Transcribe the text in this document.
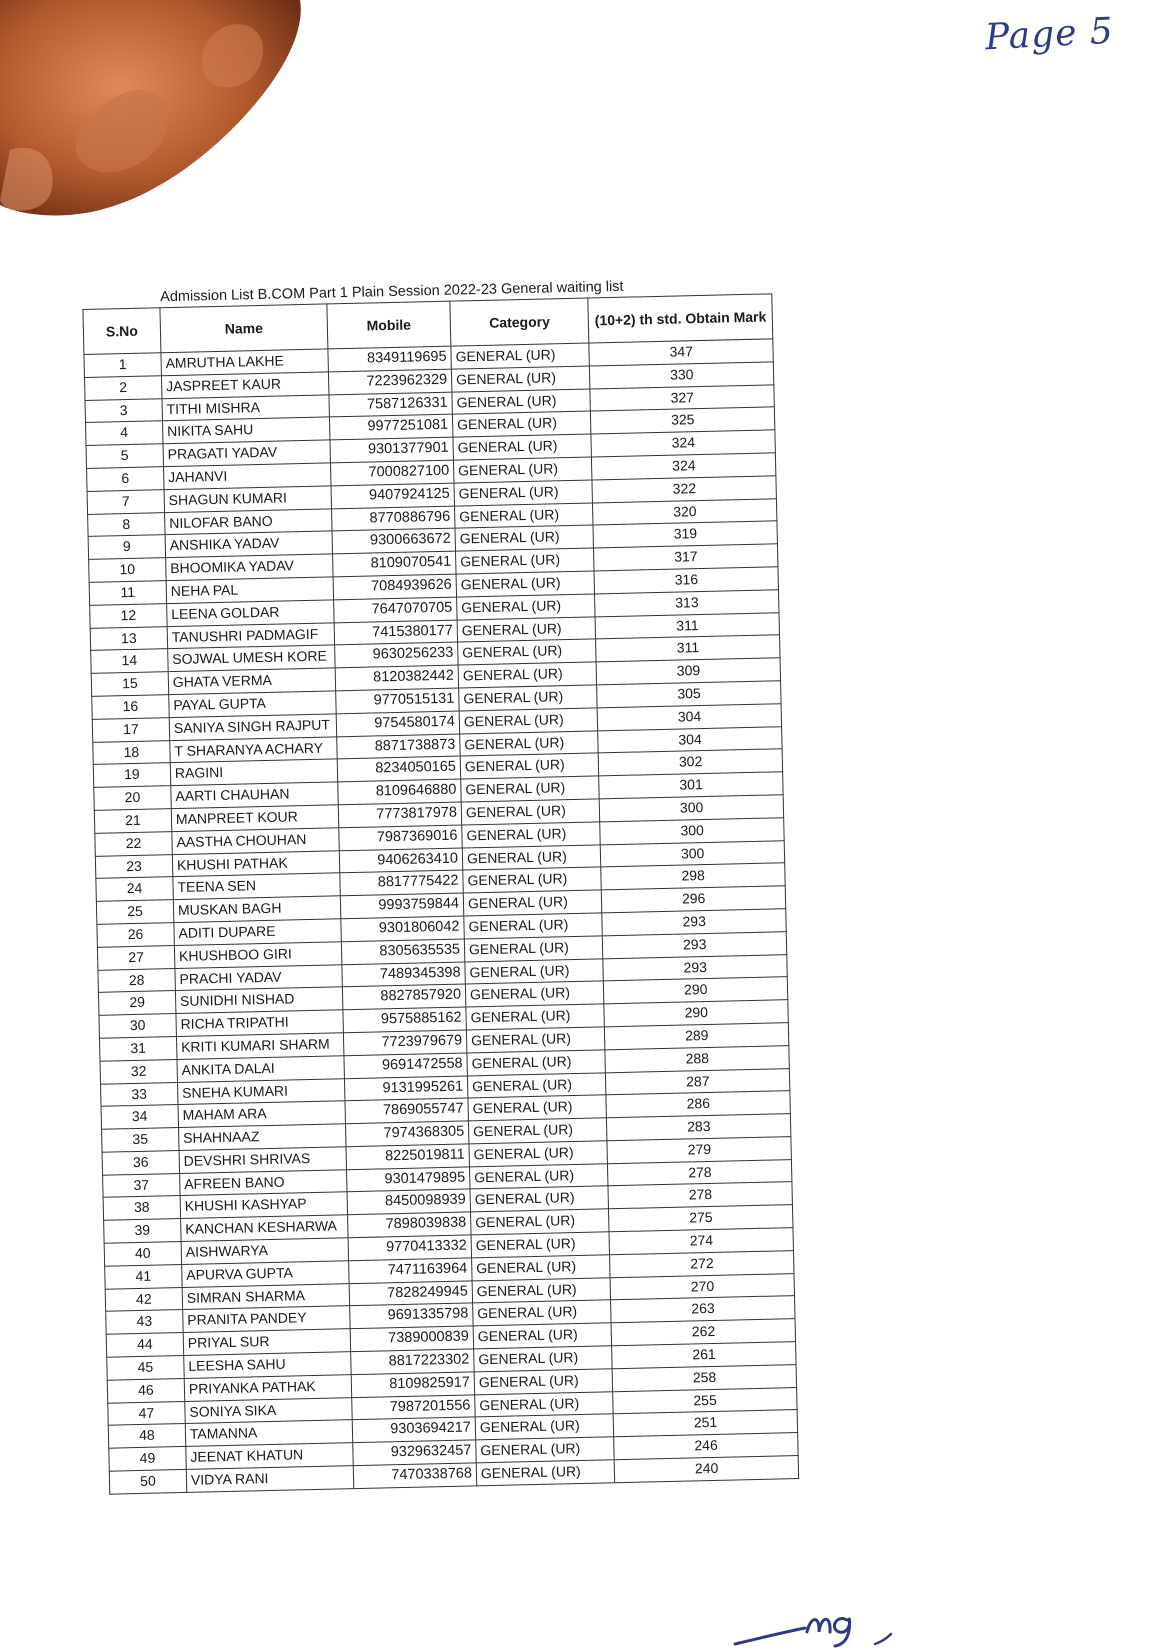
Page 5
Admission List B.COM Part 1 Plain Session 2022-23 General waiting list
S.No	Name	Mobile	Category	(10+2) th std. Obtain Mark
1	AMRUTHA LAKHE	8349119695	GENERAL (UR)	347
2	JASPREET KAUR	7223962329	GENERAL (UR)	330
3	TITHI MISHRA	7587126331	GENERAL (UR)	327
4	NIKITA SAHU	9977251081	GENERAL (UR)	325
5	PRAGATI YADAV	9301377901	GENERAL (UR)	324
6	JAHANVI	7000827100	GENERAL (UR)	324
7	SHAGUN KUMARI	9407924125	GENERAL (UR)	322
8	NILOFAR BANO	8770886796	GENERAL (UR)	320
9	ANSHIKA YADAV	9300663672	GENERAL (UR)	319
10	BHOOMIKA YADAV	8109070541	GENERAL (UR)	317
11	NEHA PAL	7084939626	GENERAL (UR)	316
12	LEENA GOLDAR	7647070705	GENERAL (UR)	313
13	TANUSHRI PADMAGIF	7415380177	GENERAL (UR)	311
14	SOJWAL UMESH KORE	9630256233	GENERAL (UR)	311
15	GHATA VERMA	8120382442	GENERAL (UR)	309
16	PAYAL GUPTA	9770515131	GENERAL (UR)	305
17	SANIYA SINGH RAJPUT	9754580174	GENERAL (UR)	304
18	T SHARANYA ACHARY	8871738873	GENERAL (UR)	304
19	RAGINI	8234050165	GENERAL (UR)	302
20	AARTI CHAUHAN	8109646880	GENERAL (UR)	301
21	MANPREET KOUR	7773817978	GENERAL (UR)	300
22	AASTHA CHOUHAN	7987369016	GENERAL (UR)	300
23	KHUSHI PATHAK	9406263410	GENERAL (UR)	300
24	TEENA SEN	8817775422	GENERAL (UR)	298
25	MUSKAN BAGH	9993759844	GENERAL (UR)	296
26	ADITI DUPARE	9301806042	GENERAL (UR)	293
27	KHUSHBOO GIRI	8305635535	GENERAL (UR)	293
28	PRACHI YADAV	7489345398	GENERAL (UR)	293
29	SUNIDHI NISHAD	8827857920	GENERAL (UR)	290
30	RICHA TRIPATHI	9575885162	GENERAL (UR)	290
31	KRITI KUMARI SHARM	7723979679	GENERAL (UR)	289
32	ANKITA DALAI	9691472558	GENERAL (UR)	288
33	SNEHA KUMARI	9131995261	GENERAL (UR)	287
34	MAHAM ARA	7869055747	GENERAL (UR)	286
35	SHAHNAAZ	7974368305	GENERAL (UR)	283
36	DEVSHRI SHRIVAS	8225019811	GENERAL (UR)	279
37	AFREEN BANO	9301479895	GENERAL (UR)	278
38	KHUSHI KASHYAP	8450098939	GENERAL (UR)	278
39	KANCHAN KESHARWA	7898039838	GENERAL (UR)	275
40	AISHWARYA	9770413332	GENERAL (UR)	274
41	APURVA GUPTA	7471163964	GENERAL (UR)	272
42	SIMRAN SHARMA	7828249945	GENERAL (UR)	270
43	PRANITA PANDEY	9691335798	GENERAL (UR)	263
44	PRIYAL SUR	7389000839	GENERAL (UR)	262
45	LEESHA SAHU	8817223302	GENERAL (UR)	261
46	PRIYANKA PATHAK	8109825917	GENERAL (UR)	258
47	SONIYA SIKA	7987201556	GENERAL (UR)	255
48	TAMANNA	9303694217	GENERAL (UR)	251
49	JEENAT KHATUN	9329632457	GENERAL (UR)	246
50	VIDYA RANI	7470338768	GENERAL (UR)	240
